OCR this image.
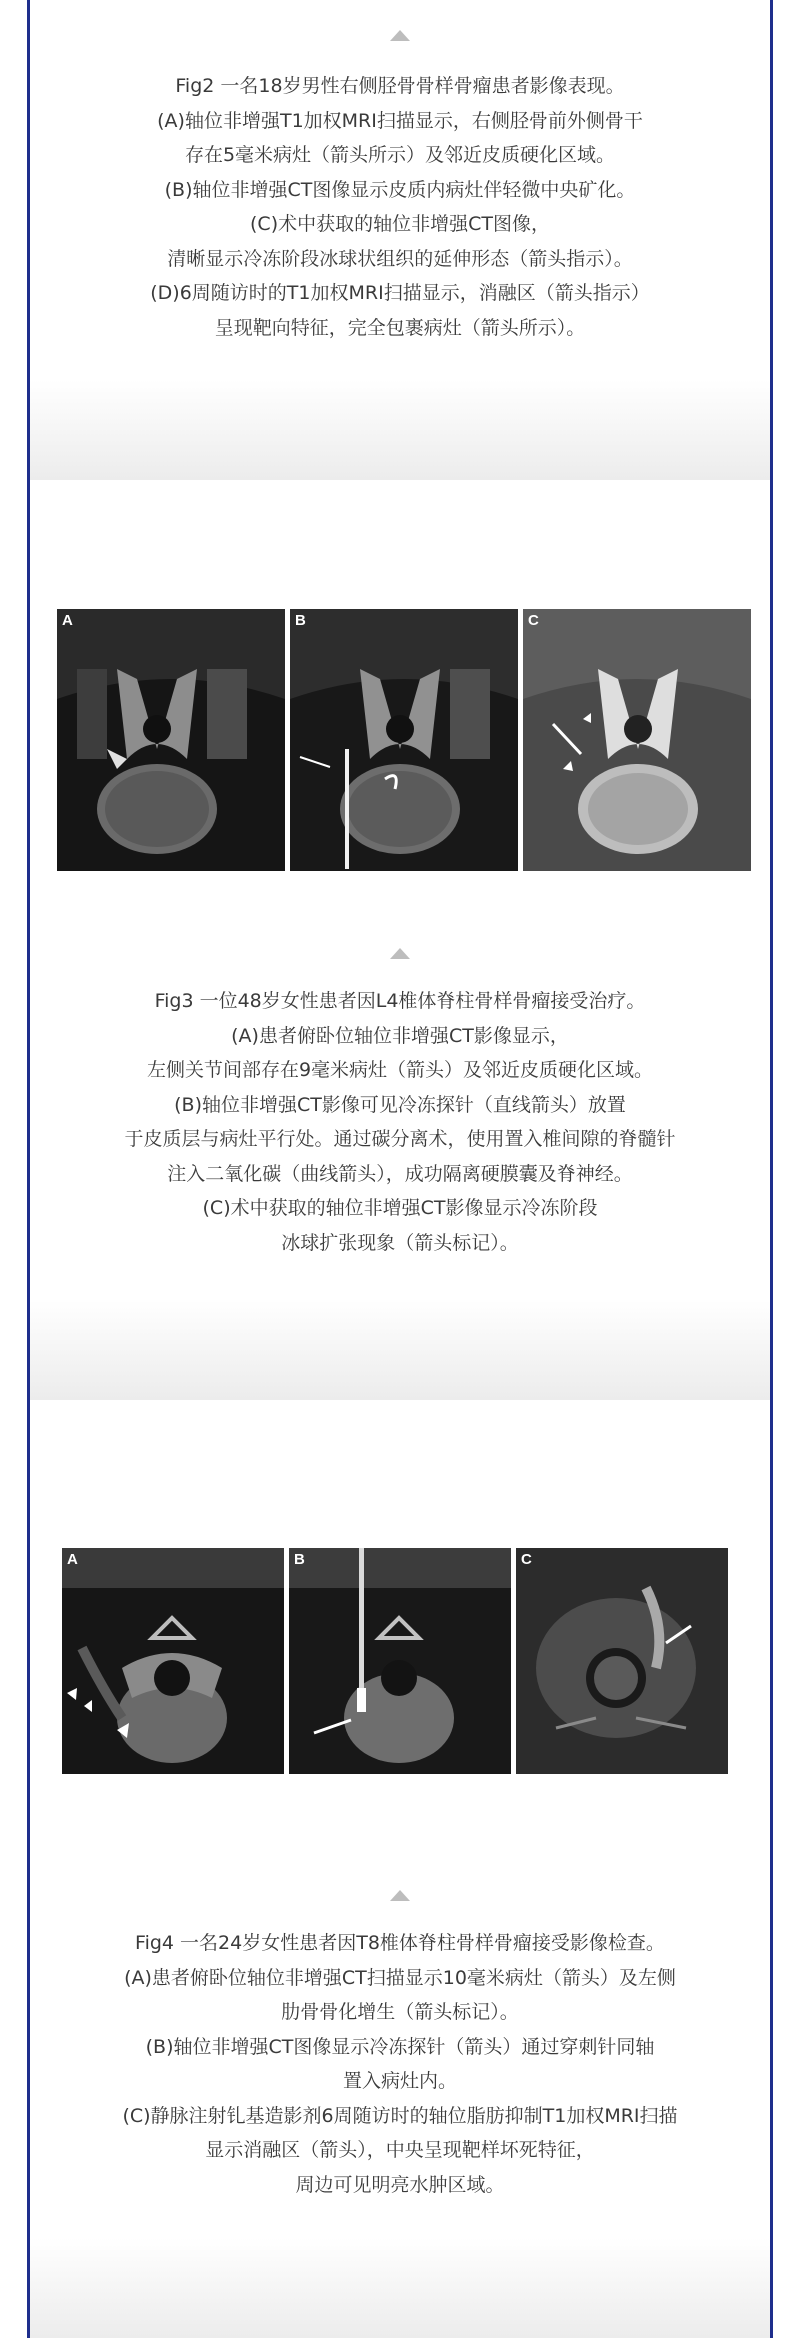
Fig2 一名18岁男性右侧胫骨骨样骨瘤患者影像表现。
(A)轴位非增强T1加权MRI扫描显示，右侧胫骨前外侧骨干
存在5毫米病灶（箭头所示）及邻近皮质硬化区域。
(B)轴位非增强CT图像显示皮质内病灶伴轻微中央矿化。
(C)术中获取的轴位非增强CT图像，
清晰显示冷冻阶段冰球状组织的延伸形态（箭头指示）。
(D)6周随访时的T1加权MRI扫描显示，消融区（箭头指示）
呈现靶向特征，完全包裹病灶（箭头所示）。
A	B	C
Fig3 一位48岁女性患者因L4椎体脊柱骨样骨瘤接受治疗。
(A)患者俯卧位轴位非增强CT影像显示，
左侧关节间部存在9毫米病灶（箭头）及邻近皮质硬化区域。
(B)轴位非增强CT影像可见冷冻探针（直线箭头）放置
于皮质层与病灶平行处。通过碳分离术，使用置入椎间隙的脊髓针
注入二氧化碳（曲线箭头），成功隔离硬膜囊及脊神经。
(C)术中获取的轴位非增强CT影像显示冷冻阶段
冰球扩张现象（箭头标记）。
A	B	C
Fig4 一名24岁女性患者因T8椎体脊柱骨样骨瘤接受影像检查。
(A)患者俯卧位轴位非增强CT扫描显示10毫米病灶（箭头）及左侧
肋骨骨化增生（箭头标记）。
(B)轴位非增强CT图像显示冷冻探针（箭头）通过穿刺针同轴
置入病灶内。
(C)静脉注射钆基造影剂6周随访时的轴位脂肪抑制T1加权MRI扫描
显示消融区（箭头），中央呈现靶样坏死特征，
周边可见明亮水肿区域。
